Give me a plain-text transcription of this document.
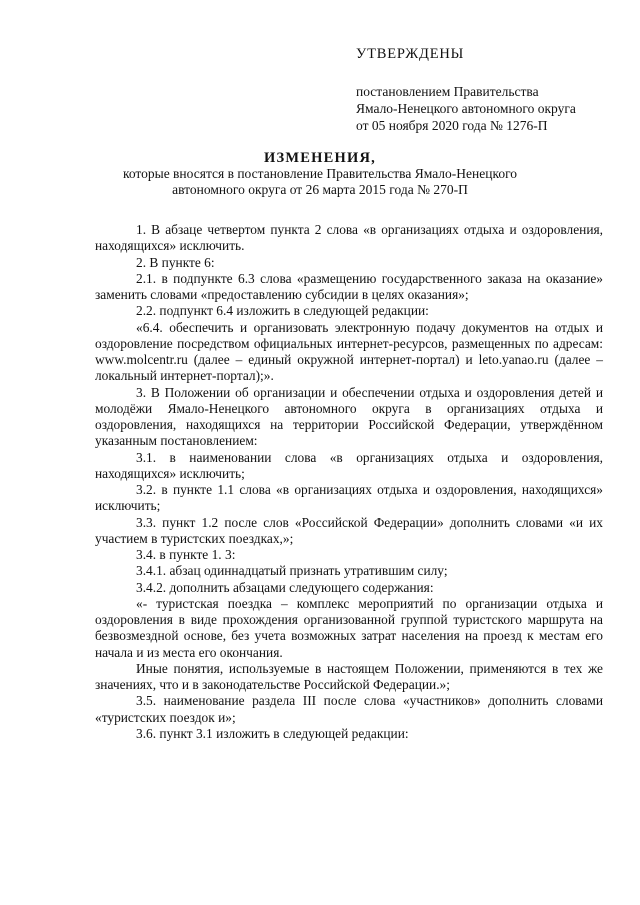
УТВЕРЖДЕНЫ
постановлением Правительства
Ямало-Ненецкого автономного округа
от 05 ноября 2020 года № 1276-П
ИЗМЕНЕНИЯ,
которые вносятся в постановление Правительства Ямало-Ненецкого
автономного округа от 26 марта 2015 года № 270-П

1. В абзаце четвертом пункта 2 слова «в организациях отдыха и оздоровления, находящихся» исключить.

2. В пункте 6:

2.1. в подпункте 6.3 слова «размещению государственного заказа на оказание» заменить словами «предоставлению субсидии в целях оказания»;

2.2. подпункт 6.4 изложить в следующей редакции:

«6.4. обеспечить и организовать электронную подачу документов на отдых и оздоровление посредством официальных интернет-ресурсов, размещенных по адресам: www.molcentr.ru (далее – единый окружной интернет-портал) и leto.yanao.ru (далее – локальный интернет-портал);».

3. В Положении об организации и обеспечении отдыха и оздоровления детей и молодёжи Ямало-Ненецкого автономного округа в организациях отдыха и оздоровления, находящихся на территории Российской Федерации, утверждённом указанным постановлением:

3.1. в наименовании слова «в организациях отдыха и оздоровления, находящихся» исключить;

3.2. в пункте 1.1 слова «в организациях отдыха и оздоровления, находящихся» исключить;

3.3. пункт 1.2 после слов «Российской Федерации» дополнить словами «и их участием в туристских поездках,»;

3.4. в пункте 1. 3:

3.4.1. абзац одиннадцатый признать утратившим силу;

3.4.2. дополнить абзацами следующего содержания:

«- туристская поездка – комплекс мероприятий по организации отдыха и оздоровления в виде прохождения организованной группой туристского маршрута на безвозмездной основе, без учета возможных затрат населения на проезд к местам его начала и из места его окончания.

Иные понятия, используемые в настоящем Положении, применяются в тех же значениях, что и в законодательстве Российской Федерации.»;

3.5. наименование раздела III после слова «участников» дополнить словами «туристских поездок и»;

3.6. пункт 3.1 изложить в следующей редакции:
